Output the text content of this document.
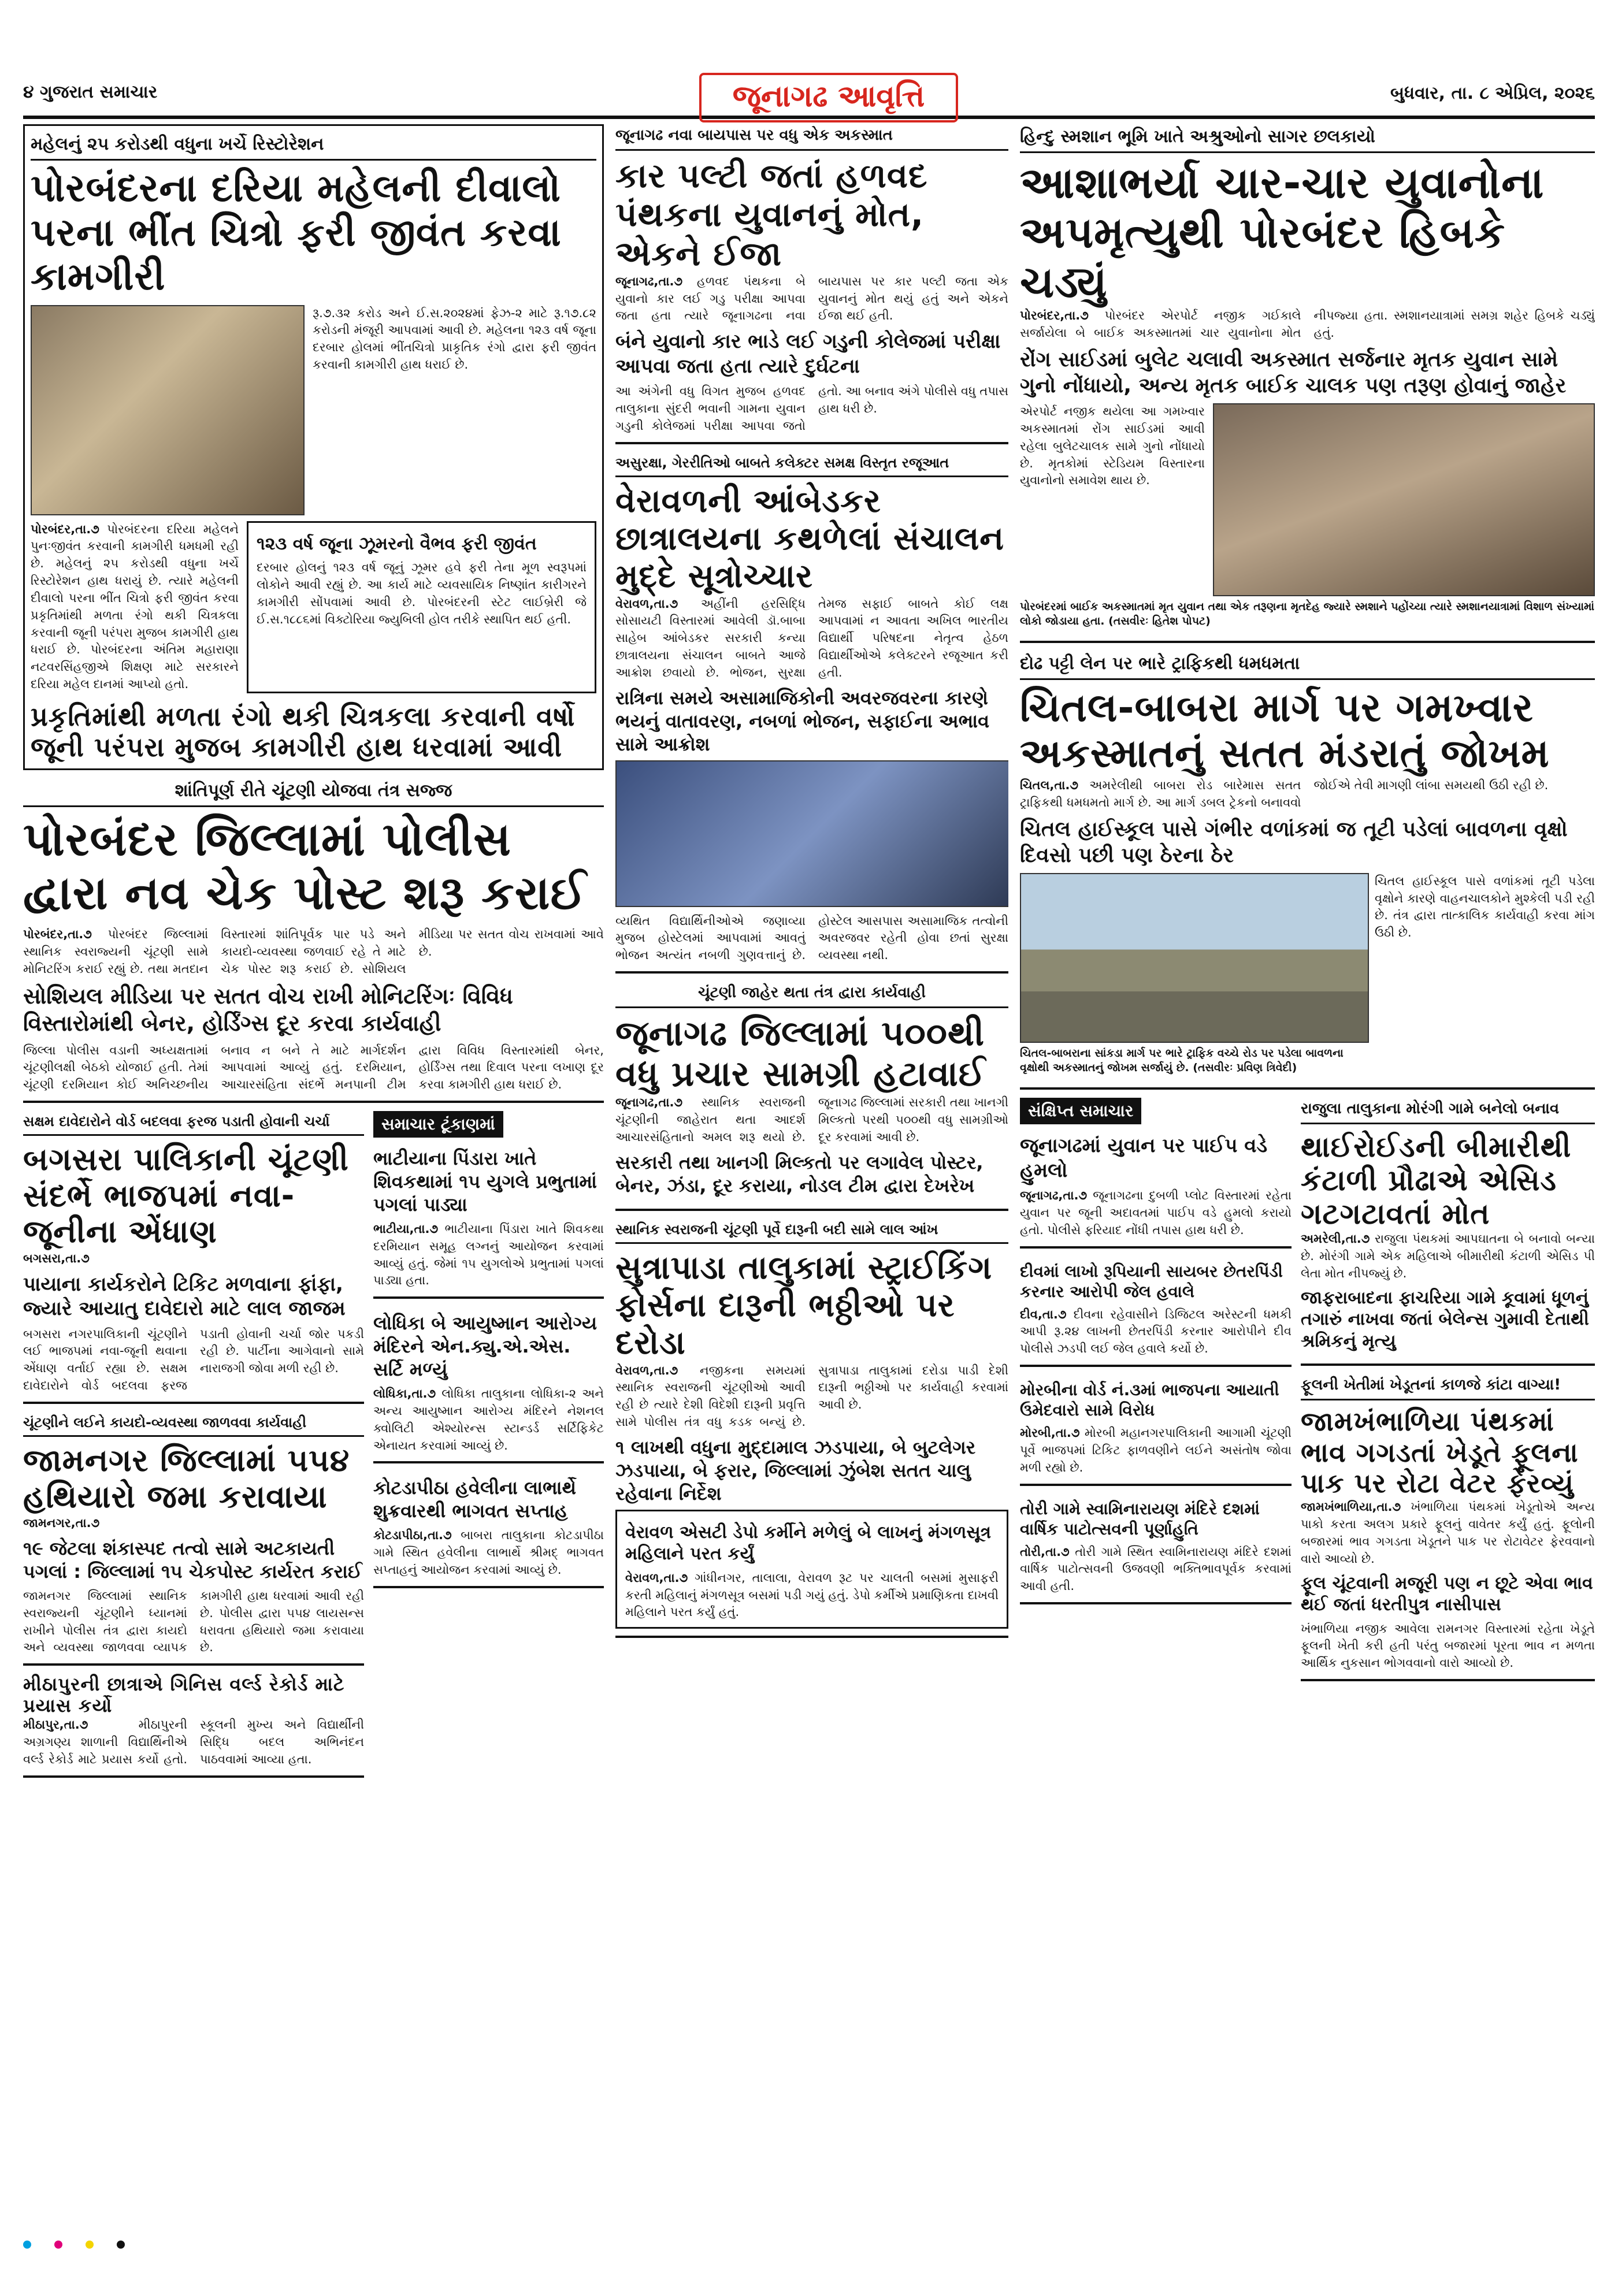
૪ ગુજરાત સમાચાર	જૂનાગઢ આવૃત્તિ	બુધવાર, તા. ૮ એપ્રિલ, ૨૦૨૬
મહેલનું ૨૫ કરોડથી વધુના ખર્ચે રિસ્ટોરેશન
પોરબંદરના દરિયા મહેલની દીવાલો પરના ભીંત ચિત્રો ફરી જીવંત કરવા કામગીરી
રૂ.૭.૩૨ કરોડ અને ઈ.સ.૨૦૨૪માં ફેઝ-૨ માટે રૂ.૧૭.૮૨ કરોડની મંજૂરી આપવામાં આવી છે. મહેલના ૧૨૩ વર્ષ જૂના દરબાર હોલમાં ભીંતચિત્રો પ્રાકૃતિક રંગો દ્વારા ફરી જીવંત કરવાની કામગીરી હાથ ધરાઈ છે.
પોરબંદર,તા.૭ પોરબંદરના દરિયા મહેલને પુનઃજીવંત કરવાની કામગીરી ધમધમી રહી છે. મહેલનું ૨૫ કરોડથી વધુના ખર્ચે રિસ્ટોરેશન હાથ ધરાયું છે. ત્યારે મહેલની દીવાલો પરના ભીંત ચિત્રો ફરી જીવંત કરવા પ્રકૃતિમાંથી મળતા રંગો થકી ચિત્રકલા કરવાની જૂની પરંપરા મુજબ કામગીરી હાથ ધરાઈ છે. પોરબંદરના અંતિમ મહારાણા નટવરસિંહજીએ શિક્ષણ માટે સરકારને દરિયા મહેલ દાનમાં આપ્યો હતો.
૧૨૩ વર્ષ જૂના ઝૂમરનો વૈભવ ફરી જીવંત
દરબાર હોલનું ૧૨૩ વર્ષ જૂનું ઝૂમર હવે ફરી તેના મૂળ સ્વરૂપમાં લોકોને આવી રહ્યું છે. આ કાર્ય માટે વ્યવસાયિક નિષ્ણાંત કારીગરને કામગીરી સોંપવામાં આવી છે. પોરબંદરની સ્ટેટ લાઈબ્રેરી જે ઈ.સ.૧૮૮૬માં વિક્ટોરિયા જ્યુબિલી હોલ તરીકે સ્થાપિત થઈ હતી.
પ્રકૃતિમાંથી મળતા રંગો થકી ચિત્રકલા કરવાની વર્ષો જૂની પરંપરા મુજબ કામગીરી હાથ ધરવામાં આવી
શાંતિપૂર્ણ રીતે ચૂંટણી યોજવા તંત્ર સજ્જ
પોરબંદર જિલ્લામાં પોલીસ દ્વારા નવ ચેક પોસ્ટ શરૂ કરાઈ
પોરબંદર,તા.૭ પોરબંદર જિલ્લામાં સ્થાનિક સ્વરાજ્યની ચૂંટણી સામે મોનિટરિંગ કરાઈ રહ્યું છે. તથા મતદાન વિસ્તારમાં શાંતિપૂર્વક પાર પડે અને કાયદો-વ્યવસ્થા જળવાઈ રહે તે માટે ચેક પોસ્ટ શરૂ કરાઈ છે. સોશિયલ મીડિયા પર સતત વોચ રાખવામાં આવે છે.
સોશિયલ મીડિયા પર સતત વોચ રાખી મોનિટરિંગઃ વિવિધ વિસ્તારોમાંથી બેનર, હોર્ડિંગ્સ દૂર કરવા કાર્યવાહી
જિલ્લા પોલીસ વડાની અધ્યક્ષતામાં ચૂંટણીલક્ષી બેઠકો યોજાઈ હતી. તેમાં ચૂંટણી દરમિયાન કોઈ અનિચ્છનીય બનાવ ન બને તે માટે માર્ગદર્શન આપવામાં આવ્યું હતું. દરમિયાન, આચારસંહિતા સંદર્ભે મનપાની ટીમ દ્વારા વિવિધ વિસ્તારમાંથી બેનર, હોર્ડિંગ્સ તથા દિવાલ પરના લખાણ દૂર કરવા કામગીરી હાથ ધરાઈ છે.
સક્ષમ દાવેદારોને વોર્ડ બદલવા ફરજ પડાતી હોવાની ચર્ચા
બગસરા પાલિકાની ચૂંટણી સંદર્ભે ભાજપમાં નવા-જૂનીના એંધાણ
બગસરા,તા.૭
પાયાના કાર્યકરોને ટિકિટ મળવાના ફાંફા, જ્યારે આયાતુ દાવેદારો માટે લાલ જાજમ
બગસરા નગરપાલિકાની ચૂંટણીને લઈ ભાજપમાં નવા-જૂની થવાના એંધાણ વર્તાઈ રહ્યા છે. સક્ષમ દાવેદારોને વોર્ડ બદલવા ફરજ પડાતી હોવાની ચર્ચા જોર પકડી રહી છે. પાર્ટીના આગેવાનો સામે નારાજગી જોવા મળી રહી છે.
ચૂંટણીને લઈને કાયદો-વ્યવસ્થા જાળવવા કાર્યવાહી
જામનગર જિલ્લામાં ૫૫૪ હથિયારો જમા કરાવાયા
જામનગર,તા.૭
૧૯ જેટલા શંકાસ્પદ તત્વો સામે અટકાયતી પગલાં : જિલ્લામાં ૧૫ ચેકપોસ્ટ કાર્યરત કરાઈ
જામનગર જિલ્લામાં સ્થાનિક સ્વરાજ્યની ચૂંટણીને ધ્યાનમાં રાખીને પોલીસ તંત્ર દ્વારા કાયદો અને વ્યવસ્થા જાળવવા વ્યાપક કામગીરી હાથ ધરવામાં આવી રહી છે. પોલીસ દ્વારા ૫૫૪ લાયસન્સ ધરાવતા હથિયારો જમા કરાવાયા છે.
મીઠાપુરની છાત્રાએ ગિનિસ વર્લ્ડ રેકોર્ડ માટે પ્રયાસ કર્યો
મીઠાપુર,તા.૭	મીઠાપુરની અગ્રગણ્ય શાળાની વિદ્યાર્થિનીએ વર્લ્ડ રેકોર્ડ માટે પ્રયાસ કર્યો હતો. સ્કૂલની મુખ્ય અને વિદ્યાર્થીની સિદ્ધિ બદલ અભિનંદન પાઠવવામાં આવ્યા હતા.
સમાચાર ટૂંકાણમાં
ભાટીયાના પિંડારા ખાતે શિવકથામાં ૧૫ યુગલે પ્રભુતામાં પગલાં પાડ્યા
ભાટીયા,તા.૭ ભાટીયાના પિંડારા ખાતે શિવકથા દરમિયાન સમૂહ લગ્નનું આયોજન કરવામાં આવ્યું હતું. જેમાં ૧૫ યુગલોએ પ્રભુતામાં પગલાં પાડ્યા હતા.
લોધિકા બે આયુષ્માન આરોગ્ય મંદિરને એન.ક્યુ.એ.એસ. સર્ટિ મળ્યું
લોધિકા,તા.૭ લોધિકા તાલુકાના લોધિકા-૨ અને અન્ય આયુષ્માન આરોગ્ય મંદિરને નેશનલ ક્વોલિટી એશ્યોરન્સ સ્ટાન્ડર્ડ સર્ટિફિકેટ એનાયત કરવામાં આવ્યું છે.
કોટડાપીઠા હવેલીના લાભાર્થે શુક્રવારથી ભાગવત સપ્તાહ
કોટડાપીઠા,તા.૭ બાબરા તાલુકાના કોટડાપીઠા ગામે સ્થિત હવેલીના લાભાર્થે શ્રીમદ્ ભાગવત સપ્તાહનું આયોજન કરવામાં આવ્યું છે.
જૂનાગઢ નવા બાયપાસ પર વધુ એક અકસ્માત
કાર પલ્ટી જતાં હળવદ પંથકના યુવાનનું મોત, એકને ઈજા
જૂનાગઢ,તા.૭ હળવદ પંથકના બે યુવાનો કાર લઈ ગડુ પરીક્ષા આપવા જતા હતા ત્યારે જૂનાગઢના નવા બાયપાસ પર કાર પલ્ટી જતા એક યુવાનનું મોત થયું હતું અને એકને ઈજા થઈ હતી.
બંને યુવાનો કાર ભાડે લઈ ગડુની કોલેજમાં પરીક્ષા આપવા જતા હતા ત્યારે દુર્ઘટના
આ અંગેની વધુ વિગત મુજબ હળવદ તાલુકાના સુંદરી ભવાની ગામના યુવાન ગડુની કોલેજમાં પરીક્ષા આપવા જતો હતો. આ બનાવ અંગે પોલીસે વધુ તપાસ હાથ ધરી છે.
અસુરક્ષા, ગેરરીતિઓ બાબતે કલેક્ટર સમક્ષ વિસ્તૃત રજૂઆત
વેરાવળની આંબેડકર છાત્રાલયના કથળેલાં સંચાલન મુદ્દે સૂત્રોચ્ચાર
વેરાવળ,તા.૭ અહીંની હરસિદ્ધિ સોસાયટી વિસ્તારમાં આવેલી ડૉ.બાબા સાહેબ આંબેડકર સરકારી કન્યા છાત્રાલયના સંચાલન બાબતે આજે આક્રોશ છવાયો છે. ભોજન, સુરક્ષા તેમજ સફાઈ બાબતે કોઈ લક્ષ આપવામાં ન આવતા અખિલ ભારતીય વિદ્યાર્થી પરિષદના નેતૃત્વ હેઠળ વિદ્યાર્થીઓએ કલેક્ટરને રજૂઆત કરી હતી.
રાત્રિના સમયે અસામાજિકોની અવરજવરના કારણે ભયનું વાતાવરણ, નબળાં ભોજન, સફાઈના અભાવ સામે આક્રોશ
વ્યથિત વિદ્યાર્થિનીઓએ જણાવ્યા મુજબ હોસ્ટેલમાં આપવામાં આવતું ભોજન અત્યંત નબળી ગુણવત્તાનું છે. હોસ્ટેલ આસપાસ અસામાજિક તત્વોની અવરજવર રહેતી હોવા છતાં સુરક્ષા વ્યવસ્થા નથી.
ચૂંટણી જાહેર થતા તંત્ર દ્વારા કાર્યવાહી
જૂનાગઢ જિલ્લામાં ૫૦૦થી વધુ પ્રચાર સામગ્રી હટાવાઈ
જૂનાગઢ,તા.૭ સ્થાનિક સ્વરાજની ચૂંટણીની જાહેરાત થતા આદર્શ આચારસંહિતાનો અમલ શરૂ થયો છે. જૂનાગઢ જિલ્લામાં સરકારી તથા ખાનગી મિલ્કતો પરથી ૫૦૦થી વધુ સામગ્રીઓ દૂર કરવામાં આવી છે.
સરકારી તથા ખાનગી મિલ્કતો પર લગાવેલ પોસ્ટર, બેનર, ઝંડા, દૂર કરાયા, નોડલ ટીમ દ્વારા દેખરેખ
સ્થાનિક સ્વરાજની ચૂંટણી પૂર્વે દારૂની બદી સામે લાલ આંખ
સુત્રાપાડા તાલુકામાં સ્ટ્રાઈકિંગ ફોર્સના દારૂની ભઠ્ઠીઓ પર દરોડા
વેરાવળ,તા.૭ નજીકના સમયમાં સ્થાનિક સ્વરાજની ચૂંટણીઓ આવી રહી છે ત્યારે દેશી વિદેશી દારૂની પ્રવૃત્તિ સામે પોલીસ તંત્ર વધુ કડક બન્યું છે. સુત્રાપાડા તાલુકામાં દરોડા પાડી દેશી દારૂની ભઠ્ઠીઓ પર કાર્યવાહી કરવામાં આવી છે.
૧ લાખથી વધુના મુદ્દામાલ ઝડપાયા, બે બુટલેગર ઝડપાયા, બે ફરાર, જિલ્લામાં ઝુંબેશ સતત ચાલુ રહેવાના નિર્દેશ
વેરાવળ એસટી ડેપો કર્મીને મળેલું બે લાખનું મંગળસૂત્ર મહિલાને પરત કર્યું
વેરાવળ,તા.૭ ગાંધીનગર, તાલાલા, વેરાવળ રૂટ પર ચાલતી બસમાં મુસાફરી કરતી મહિલાનું મંગળસૂત્ર બસમાં પડી ગયું હતું. ડેપો કર્મીએ પ્રમાણિકતા દાખવી મહિલાને પરત કર્યું હતું.
હિન્દુ સ્મશાન ભૂમિ ખાતે અશ્રુઓનો સાગર છલકાયો
આશાભર્યા ચાર-ચાર યુવાનોના અપમૃત્યુથી પોરબંદર હિબકે ચડ્યું
પોરબંદર,તા.૭ પોરબંદર એરપોર્ટ નજીક ગઈકાલે સર્જાયેલા બે બાઈક અકસ્માતમાં ચાર યુવાનોના મોત નીપજ્યા હતા. સ્મશાનયાત્રામાં સમગ્ર શહેર હિબકે ચડ્યું હતું.
રોંગ સાઈડમાં બુલેટ ચલાવી અકસ્માત સર્જનાર મૃતક યુવાન સામે ગુનો નોંધાયો, અન્ય મૃતક બાઈક ચાલક પણ તરૂણ હોવાનું જાહેર
એરપોર્ટ નજીક થયેલા આ ગમખ્વાર અકસ્માતમાં રોંગ સાઈડમાં આવી રહેલા બુલેટચાલક સામે ગુનો નોંધાયો છે. મૃતકોમાં સ્ટેડિયમ વિસ્તારના યુવાનોનો સમાવેશ થાય છે.
પોરબંદરમાં બાઈક અકસ્માતમાં મૃત યુવાન તથા એક તરૂણના મૃતદેહ જ્યારે સ્મશાને પહોંચ્યા ત્યારે સ્મશાનયાત્રામાં વિશાળ સંખ્યામાં લોકો જોડાયા હતા. (તસવીરઃ હિતેશ પોપટ)
દોઢ પટ્ટી લેન પર ભારે ટ્રાફિકથી ધમધમતા
ચિતલ-બાબરા માર્ગ પર ગમખ્વાર અકસ્માતનું સતત મંડરાતું જોખમ
ચિતલ,તા.૭ અમરેલીથી બાબરા રોડ બારેમાસ સતત ટ્રાફિકથી ધમધમતો માર્ગ છે. આ માર્ગ ડબલ ટ્રેકનો બનાવવો જોઈએ તેવી માગણી લાંબા સમયથી ઉઠી રહી છે.
ચિતલ હાઈસ્કૂલ પાસે ગંભીર વળાંકમાં જ તૂટી પડેલાં બાવળના વૃક્ષો દિવસો પછી પણ ઠેરના ઠેર
ચિતલ-બાબરાના સાંકડા માર્ગ પર ભારે ટ્રાફિક વચ્ચે રોડ પર પડેલા બાવળના વૃક્ષોથી અકસ્માતનું જોખમ સર્જાયું છે. (તસવીરઃ પ્રવિણ ત્રિવેદી)
ચિતલ હાઈસ્કૂલ પાસે વળાંકમાં તૂટી પડેલા વૃક્ષોને કારણે વાહનચાલકોને મુશ્કેલી પડી રહી છે. તંત્ર દ્વારા તાત્કાલિક કાર્યવાહી કરવા માંગ ઉઠી છે.
સંક્ષિપ્ત સમાચાર
જૂનાગઢમાં યુવાન પર પાઈપ વડે હુમલો
જૂનાગઢ,તા.૭ જૂનાગઢના દુબળી પ્લોટ વિસ્તારમાં રહેતા યુવાન પર જૂની અદાવતમાં પાઈપ વડે હુમલો કરાયો હતો. પોલીસે ફરિયાદ નોંધી તપાસ હાથ ધરી છે.
દીવમાં લાખો રૂપિયાની સાયબર છેતરપિંડી કરનાર આરોપી જેલ હવાલે
દીવ,તા.૭ દીવના રહેવાસીને ડિજિટલ અરેસ્ટની ધમકી આપી રૂ.૨૪ લાખની છેતરપિંડી કરનાર આરોપીને દીવ પોલીસે ઝડપી લઈ જેલ હવાલે કર્યો છે.
મોરબીના વોર્ડ નં.૩માં ભાજપના આયાતી ઉમેદવારો સામે વિરોધ
મોરબી,તા.૭ મોરબી મહાનગરપાલિકાની આગામી ચૂંટણી પૂર્વે ભાજપમાં ટિકિટ ફાળવણીને લઈને અસંતોષ જોવા મળી રહ્યો છે.
તોરી ગામે સ્વામિનારાયણ મંદિરે દશમાં વાર્ષિક પાટોત્સવની પૂર્ણાહુતિ
તોરી,તા.૭ તોરી ગામે સ્થિત સ્વામિનારાયણ મંદિરે દશમાં વાર્ષિક પાટોત્સવની ઉજવણી ભક્તિભાવપૂર્વક કરવામાં આવી હતી.
રાજુલા તાલુકાના મોરંગી ગામે બનેલો બનાવ
થાઈરોઈડની બીમારીથી કંટાળી પ્રૌઢાએ એસિડ ગટગટાવતાં મોત
અમરેલી,તા.૭ રાજુલા પંથકમાં આપઘાતના બે બનાવો બન્યા છે. મોરંગી ગામે એક મહિલાએ બીમારીથી કંટાળી એસિડ પી લેતા મોત નીપજ્યું છે.
જાફરાબાદના ફાચરિયા ગામે કૂવામાં ધૂળનું તગારું નાખવા જતાં બેલેન્સ ગુમાવી દેતાથી શ્રમિકનું મૃત્યુ
ફૂલની ખેતીમાં ખેડૂતનાં કાળજે કાંટા વાગ્યા!
જામખંભાળિયા પંથકમાં ભાવ ગગડતાં ખેડૂતે ફૂલના પાક પર રોટા વેટર ફેરવ્યું
જામખંભાળિયા,તા.૭ ખંભાળિયા પંથકમાં ખેડૂતોએ અન્ય પાકો કરતા અલગ પ્રકારે ફૂલનું વાવેતર કર્યું હતું. ફૂલોની બજારમાં ભાવ ગગડતા ખેડૂતને પાક પર રોટાવેટર ફેરવવાનો વારો આવ્યો છે.
ફૂલ ચૂંટવાની મજૂરી પણ ન છૂટે એવા ભાવ થઈ જતાં ધરતીપુત્ર નાસીપાસ
ખંભાળિયા નજીક આવેલા રામનગર વિસ્તારમાં રહેતા ખેડૂતે ફૂલની ખેતી કરી હતી પરંતુ બજારમાં પૂરતા ભાવ ન મળતા આર્થિક નુકસાન ભોગવવાનો વારો આવ્યો છે.
